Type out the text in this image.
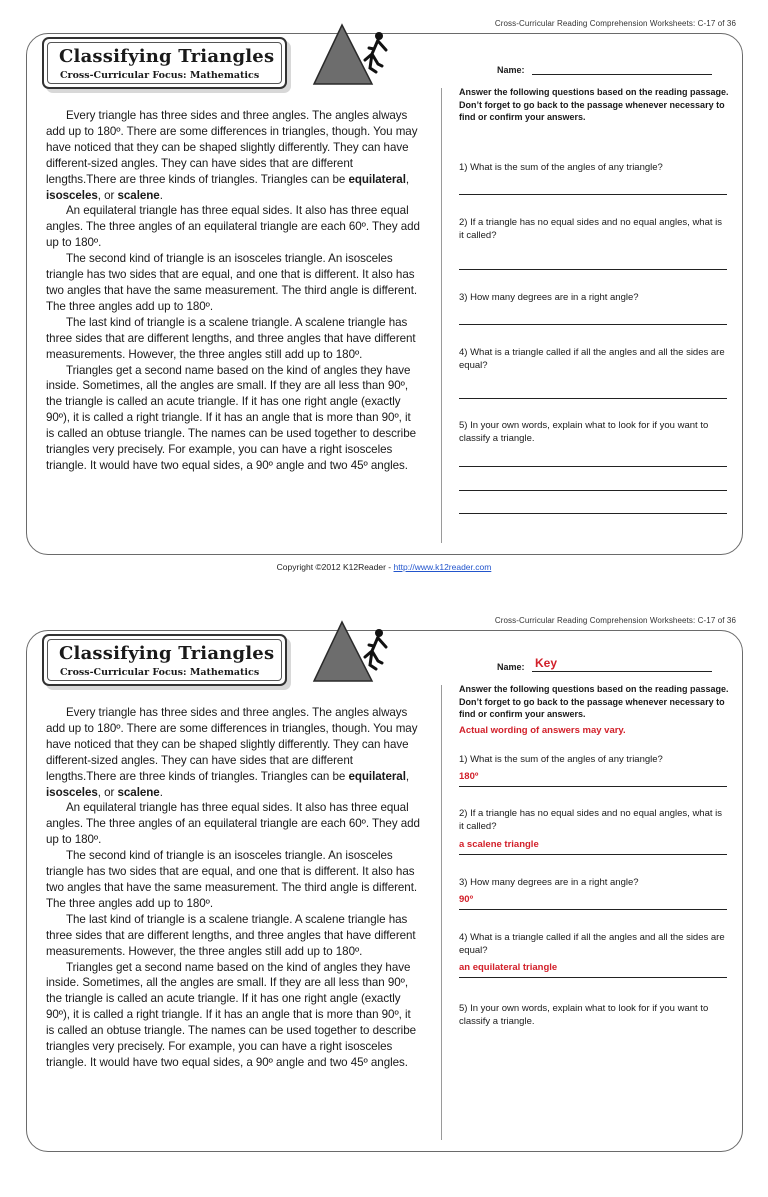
Cross-Curricular Reading Comprehension Worksheets: C-17 of 36
Classifying Triangles
Cross-Curricular Focus: Mathematics	Name:

Every triangle has three sides and three angles. The angles always add up to 180º. There are some differences in triangles, though. You may have noticed that they can be shaped slightly differently. They can have different-sized angles. They can have sides that are different lengths.There are three kinds of triangles. Triangles can be equilateral, isosceles, or scalene.

An equilateral triangle has three equal sides. It also has three equal angles. The three angles of an equilateral triangle are each 60º. They add up to 180º.

The second kind of triangle is an isosceles triangle. An isosceles triangle has two sides that are equal, and one that is different. It also has two angles that have the same measurement. The third angle is different. The three angles add up to 180º.

The last kind of triangle is a scalene triangle. A scalene triangle has three sides that are different lengths, and three angles that have different measurements. However, the three angles still add up to 180º.

Triangles get a second name based on the kind of angles they have inside. Sometimes, all the angles are small. If they are all less than 90º, the triangle is called an acute triangle. If it has one right angle (exactly 90º), it is called a right triangle. If it has an angle that is more than 90º, it is called an obtuse triangle. The names can be used together to describe triangles very precisely. For example, you can have a right isosceles triangle. It would have two equal sides, a 90º angle and two 45º angles.

Answer the following questions based on the reading passage. Don’t forget to go back to the passage whenever necessary to find or confirm your answers.
1) What is the sum of the angles of any triangle?
2) If a triangle has no equal sides and no equal angles, what is it called?
3) How many degrees are in a right angle?
4) What is a triangle called if all the angles and all the sides are equal?
5) In your own words, explain what to look for if you want to classify a triangle.
Copyright ©2012 K12Reader - http://www.k12reader.com
Cross-Curricular Reading Comprehension Worksheets: C-17 of 36
Classifying Triangles
Cross-Curricular Focus: Mathematics	Name: Key

Every triangle has three sides and three angles. The angles always add up to 180º. There are some differences in triangles, though. You may have noticed that they can be shaped slightly differently. They can have different-sized angles. They can have sides that are different lengths.There are three kinds of triangles. Triangles can be equilateral, isosceles, or scalene.

An equilateral triangle has three equal sides. It also has three equal angles. The three angles of an equilateral triangle are each 60º. They add up to 180º.

The second kind of triangle is an isosceles triangle. An isosceles triangle has two sides that are equal, and one that is different. It also has two angles that have the same measurement. The third angle is different. The three angles add up to 180º.

The last kind of triangle is a scalene triangle. A scalene triangle has three sides that are different lengths, and three angles that have different measurements. However, the three angles still add up to 180º.

Triangles get a second name based on the kind of angles they have inside. Sometimes, all the angles are small. If they are all less than 90º, the triangle is called an acute triangle. If it has one right angle (exactly 90º), it is called a right triangle. If it has an angle that is more than 90º, it is called an obtuse triangle. The names can be used together to describe triangles very precisely. For example, you can have a right isosceles triangle. It would have two equal sides, a 90º angle and two 45º angles.

Answer the following questions based on the reading passage. Don’t forget to go back to the passage whenever necessary to find or confirm your answers.
Actual wording of answers may vary.
1) What is the sum of the angles of any triangle?
180º
2) If a triangle has no equal sides and no equal angles, what is it called?
a scalene triangle
3) How many degrees are in a right angle?
90º
4) What is a triangle called if all the angles and all the sides are equal?
an equilateral triangle
5) In your own words, explain what to look for if you want to classify a triangle.
